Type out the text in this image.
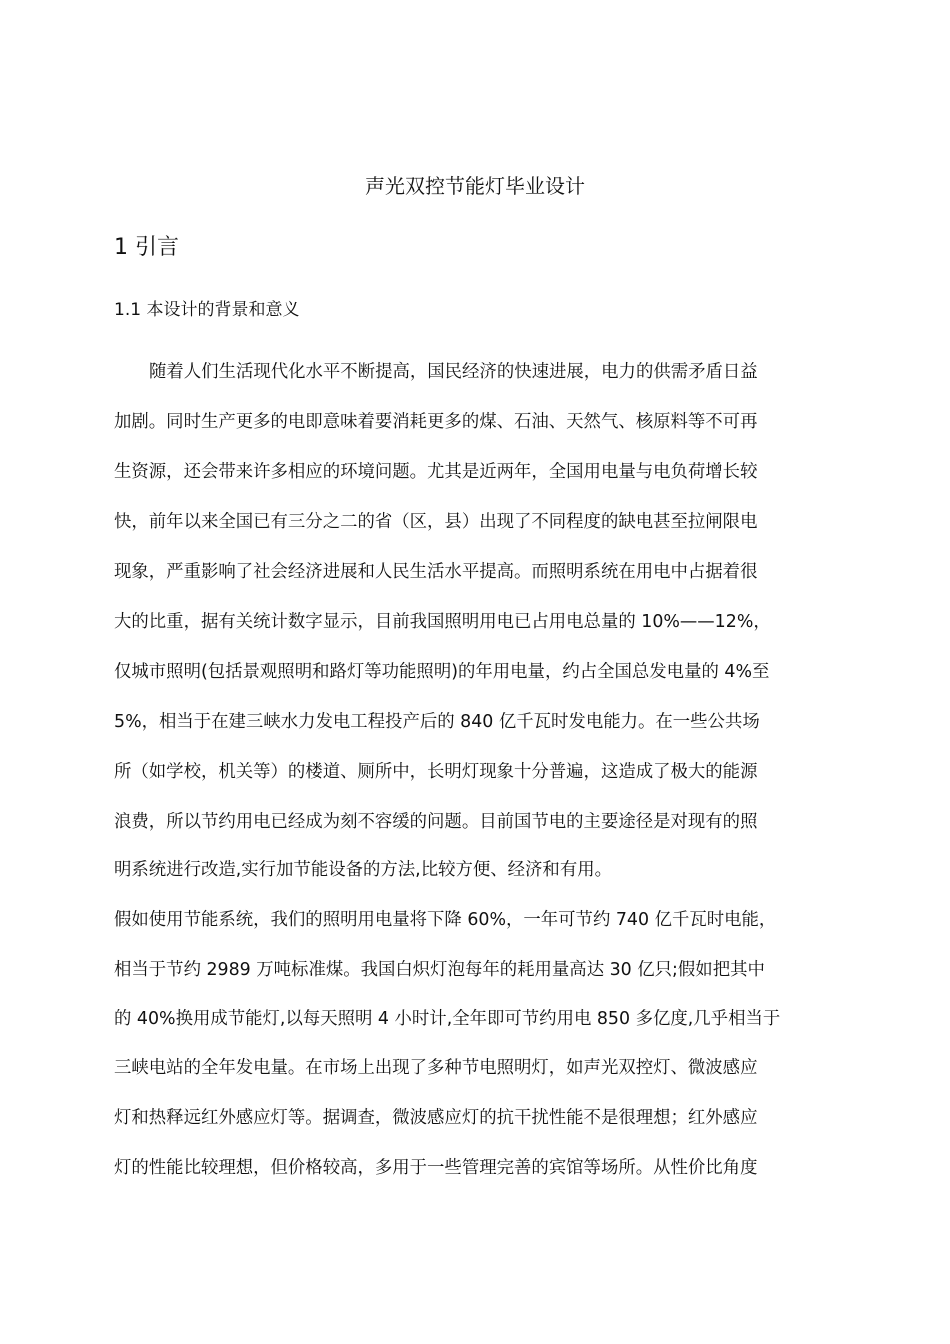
声光双控节能灯毕业设计
1 引言
1.1 本设计的背景和意义
随着人们生活现代化水平不断提高，国民经济的快速进展，电力的供需矛盾日益
加剧。同时生产更多的电即意味着要消耗更多的煤、石油、天然气、核原料等不可再
生资源，还会带来许多相应的环境问题。尤其是近两年，全国用电量与电负荷增长较
快，前年以来全国已有三分之二的省（区，县）出现了不同程度的缺电甚至拉闸限电
现象，严重影响了社会经济进展和人民生活水平提高。而照明系统在用电中占据着很
大的比重，据有关统计数字显示，目前我国照明用电已占用电总量的 10%——12%，
仅城市照明(包括景观照明和路灯等功能照明)的年用电量，约占全国总发电量的 4%至
5%，相当于在建三峡水力发电工程投产后的 840 亿千瓦时发电能力。在一些公共场
所（如学校，机关等）的楼道、厕所中，长明灯现象十分普遍，这造成了极大的能源
浪费，所以节约用电已经成为刻不容缓的问题。目前国节电的主要途径是对现有的照
明系统进行改造,实行加节能设备的方法,比较方便、经济和有用。
假如使用节能系统，我们的照明用电量将下降 60%，一年可节约 740 亿千瓦时电能，
相当于节约 2989 万吨标准煤。我国白炽灯泡每年的耗用量高达 30 亿只;假如把其中
的 40%换用成节能灯,以每天照明 4 小时计,全年即可节约用电 850 多亿度,几乎相当于
三峡电站的全年发电量。在市场上出现了多种节电照明灯，如声光双控灯、微波感应
灯和热释远红外感应灯等。据调查，微波感应灯的抗干扰性能不是很理想；红外感应
灯的性能比较理想，但价格较高，多用于一些管理完善的宾馆等场所。从性价比角度
